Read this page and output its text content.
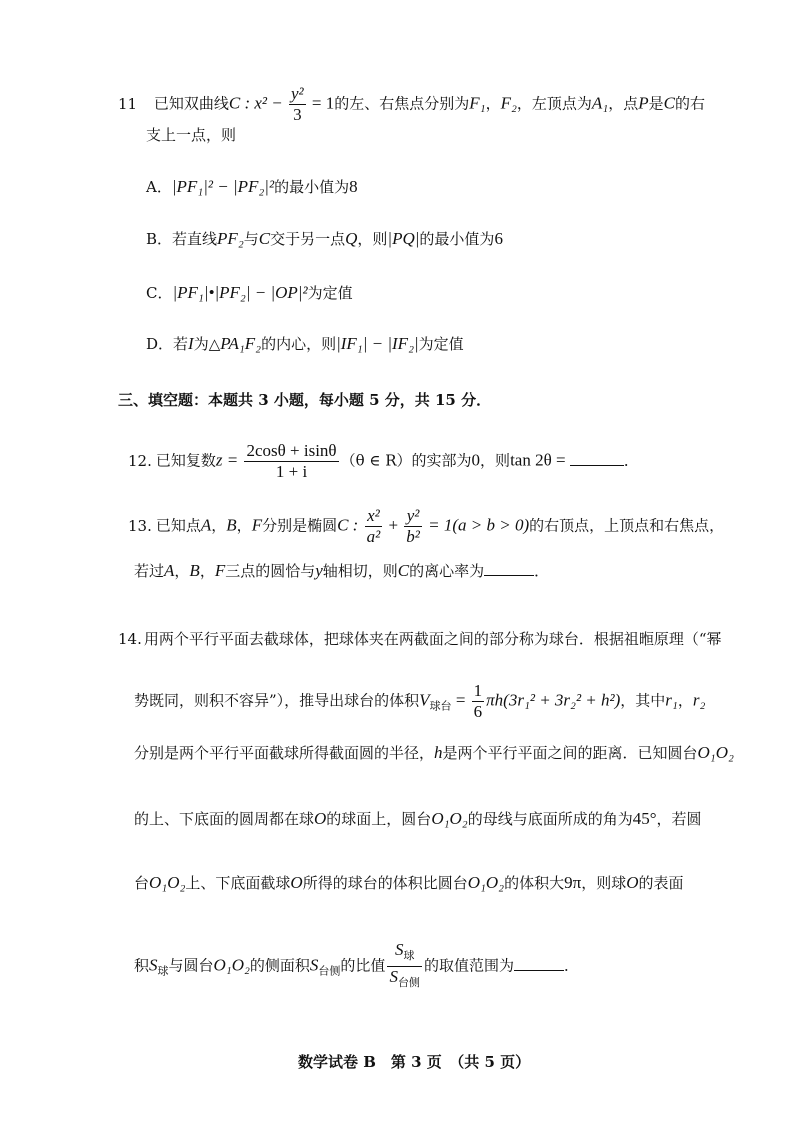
11 已知双曲线C : $x^2 - \frac{\text{y²}}{3} = 1$的左、右焦点分别为F₁，F₂，左顶点为A₁，点P是C的右
支上一点，则
A．|PF₁|² − |PF₂|²的最小值为8
B．若直线PF₂与C交于另一点Q，则|PQ|的最小值为6
C．|PF₁|•|PF₂| − |OP|²为定值
D．若I为△PA₁F₂的内心，则|IF₁| − |IF₂|为定值
三、填空题：本题共 3 小题，每小题 5 分，共 15 分．
12. 已知复数$z = \frac{2\cos\theta + isin\theta}{1 + i} (\theta$ ∈ R）的实部为0，则tan 2θ =	．
13. 已知点A，B，F分别是椭圆C : $\frac{\text{x²}}{\text{a²}} + \frac{\text{y²}}{\text{b²}} = 1(a > b > 0)$的右顶点，上顶点和右焦点，
若过A，B，F三点的圆恰与y轴相切，则C的离心率为	．
14. 用两个平行平面去截球体，把球体夹在两截面之间的部分称为球台．根据祖暅原理（“幂
势既同，则积不容异”），推导出球台的体积$V_{球台} = \frac{1}{6} \pi h(3r_1^2 + 3r_2^2 + h^2)$，其中r₁，r₂
分别是两个平行平面截球所得截面圆的半径，h是两个平行平面之间的距离．已知圆台O₁O₂
的上、下底面的圆周都在球O的球面上，圆台O₁O₂的母线与底面所成的角为45°，若圆
台O₁O₂上、下底面截球O所得的球台的体积比圆台O₁O₂的体积大9π，则球O的表面
积$S_球$与圆台O₁O₂的侧面积$S_{台侧}$的比值 $\frac{S_球}{S_{台侧}}$ 的取值范围为	．
数学试卷 B　第 3 页　（共 5 页）
